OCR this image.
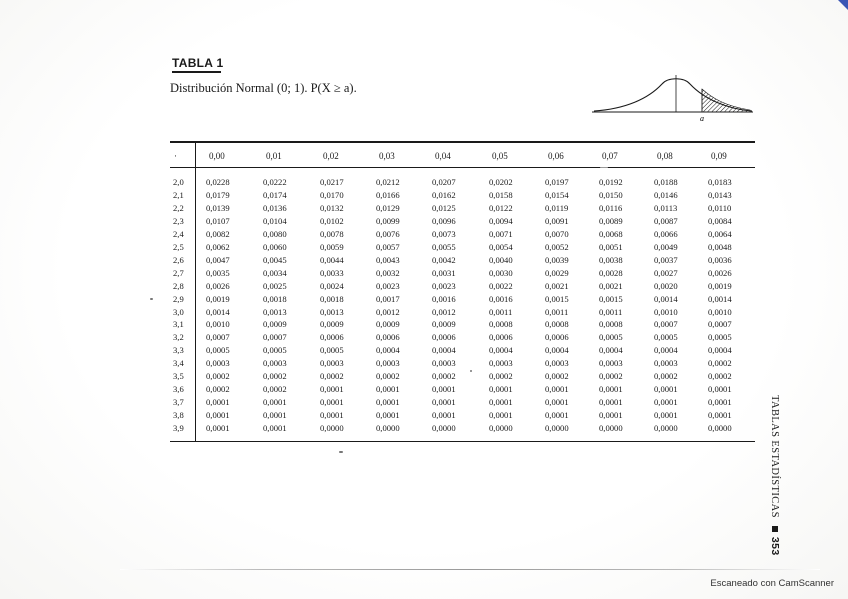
TABLA 1
Distribución Normal (0; 1). P(X ≥ a).
a
·	0,00	0,01	0,02	0,03	0,04	0,05	0,06	0,07	0,08	0,09
2,0	0,0228	0,0222	0,0217	0,0212	0,0207	0,0202	0,0197	0,0192	0,0188	0,0183
2,1	0,0179	0,0174	0,0170	0,0166	0,0162	0,0158	0,0154	0,0150	0,0146	0,0143
2,2	0,0139	0,0136	0,0132	0,0129	0,0125	0,0122	0,0119	0,0116	0,0113	0,0110
2,3	0,0107	0,0104	0,0102	0,0099	0,0096	0,0094	0,0091	0,0089	0,0087	0,0084
2,4	0,0082	0,0080	0,0078	0,0076	0,0073	0,0071	0,0070	0,0068	0,0066	0,0064
2,5	0,0062	0,0060	0,0059	0,0057	0,0055	0,0054	0,0052	0,0051	0,0049	0,0048
2,6	0,0047	0,0045	0,0044	0,0043	0,0042	0,0040	0,0039	0,0038	0,0037	0,0036
2,7	0,0035	0,0034	0,0033	0,0032	0,0031	0,0030	0,0029	0,0028	0,0027	0,0026
2,8	0,0026	0,0025	0,0024	0,0023	0,0023	0,0022	0,0021	0,0021	0,0020	0,0019
2,9	0,0019	0,0018	0,0018	0,0017	0,0016	0,0016	0,0015	0,0015	0,0014	0,0014
3,0	0,0014	0,0013	0,0013	0,0012	0,0012	0,0011	0,0011	0,0011	0,0010	0,0010
3,1	0,0010	0,0009	0,0009	0,0009	0,0009	0,0008	0,0008	0,0008	0,0007	0,0007
3,2	0,0007	0,0007	0,0006	0,0006	0,0006	0,0006	0,0006	0,0005	0,0005	0,0005
3,3	0,0005	0,0005	0,0005	0,0004	0,0004	0,0004	0,0004	0,0004	0,0004	0,0004
3,4	0,0003	0,0003	0,0003	0,0003	0,0003	0,0003	0,0003	0,0003	0,0003	0,0002
3,5	0,0002	0,0002	0,0002	0,0002	0,0002	0,0002	0,0002	0,0002	0,0002	0,0002
3,6	0,0002	0,0002	0,0001	0,0001	0,0001	0,0001	0,0001	0,0001	0,0001	0,0001
3,7	0,0001	0,0001	0,0001	0,0001	0,0001	0,0001	0,0001	0,0001	0,0001	0,0001
3,8	0,0001	0,0001	0,0001	0,0001	0,0001	0,0001	0,0001	0,0001	0,0001	0,0001
3,9	0,0001	0,0001	0,0000	0,0000	0,0000	0,0000	0,0000	0,0000	0,0000	0,0000	TABLAS ESTADÍSTICAS353
Escaneado con CamScanner
